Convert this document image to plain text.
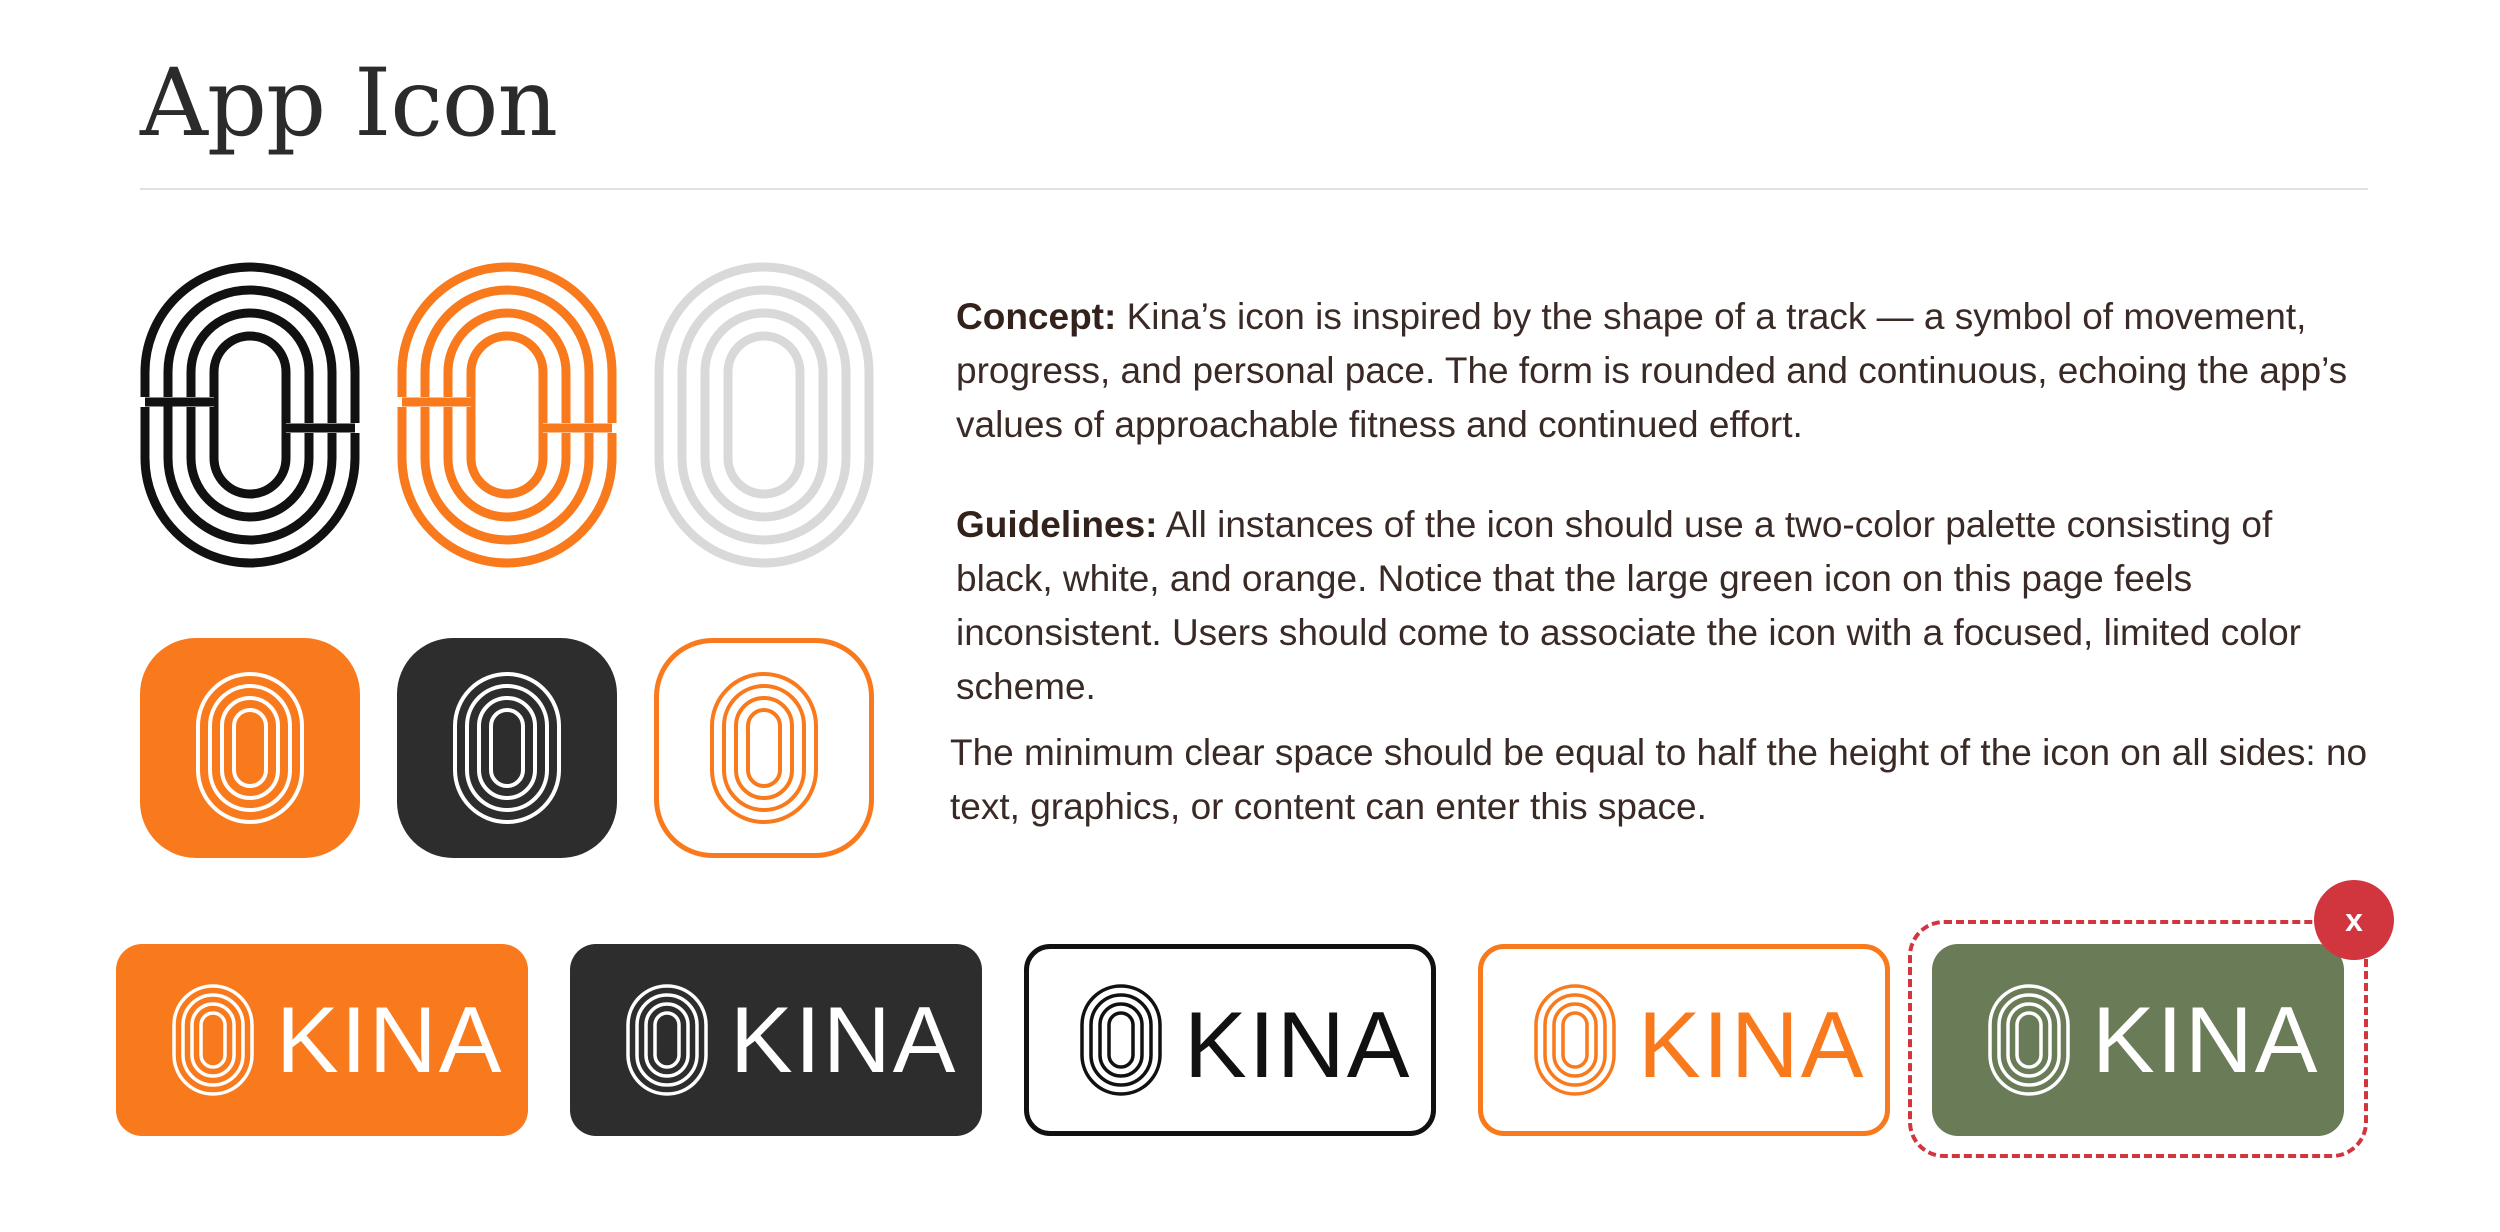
App Icon

Concept: Kina’s icon is inspired by the shape of a track — a symbol of movement, progress, and personal pace. The form is rounded and continuous, echoing the app’s values of approachable fitness and continued effort.

Guidelines: All instances of the icon should use a two-color palette consisting of black, white, and orange. Notice that the large green icon on this page feels inconsistent. Users should come to associate the icon with a focused, limited color scheme.

The minimum clear space should be equal to half the height of the icon on all sides: no text, graphics, or content can enter this space.

KINA KINA KINA KINA KINA
x
